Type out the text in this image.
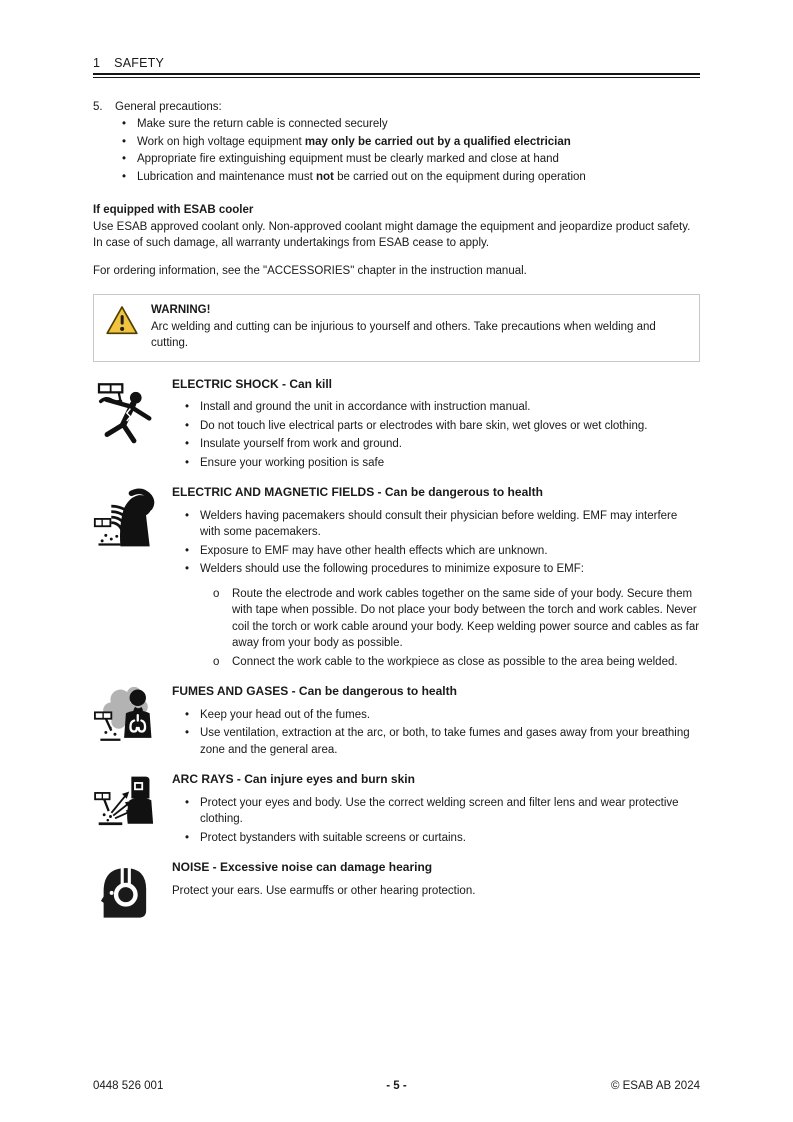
1 SAFETY
5.	General precautions:
• Make sure the return cable is connected securely
• Work on high voltage equipment may only be carried out by a qualified electrician
• Appropriate fire extinguishing equipment must be clearly marked and close at hand
• Lubrication and maintenance must not be carried out on the equipment during operation
If equipped with ESAB cooler
Use ESAB approved coolant only. Non-approved coolant might damage the equipment and jeopardize product safety. In case of such damage, all warranty undertakings from ESAB cease to apply.
For ordering information, see the "ACCESSORIES" chapter in the instruction manual.
WARNING!
Arc welding and cutting can be injurious to yourself and others. Take precautions when welding and cutting.
ELECTRIC SHOCK - Can kill
• Install and ground the unit in accordance with instruction manual.
• Do not touch live electrical parts or electrodes with bare skin, wet gloves or wet clothing.
• Insulate yourself from work and ground.
• Ensure your working position is safe
ELECTRIC AND MAGNETIC FIELDS - Can be dangerous to health
• Welders having pacemakers should consult their physician before welding. EMF may interfere with some pacemakers.
• Exposure to EMF may have other health effects which are unknown.
• Welders should use the following procedures to minimize exposure to EMF:
o	Route the electrode and work cables together on the same side of your body. Secure them with tape when possible. Do not place your body between the torch and work cables. Never coil the torch or work cable around your body. Keep welding power source and cables as far away from your body as possible.
o	Connect the work cable to the workpiece as close as possible to the area being welded.
FUMES AND GASES - Can be dangerous to health
• Keep your head out of the fumes.
• Use ventilation, extraction at the arc, or both, to take fumes and gases away from your breathing zone and the general area.
ARC RAYS - Can injure eyes and burn skin
• Protect your eyes and body. Use the correct welding screen and filter lens and wear protective clothing.
• Protect bystanders with suitable screens or curtains.
NOISE - Excessive noise can damage hearing
Protect your ears. Use earmuffs or other hearing protection.
0448 526 001	- 5 -	© ESAB AB 2024
